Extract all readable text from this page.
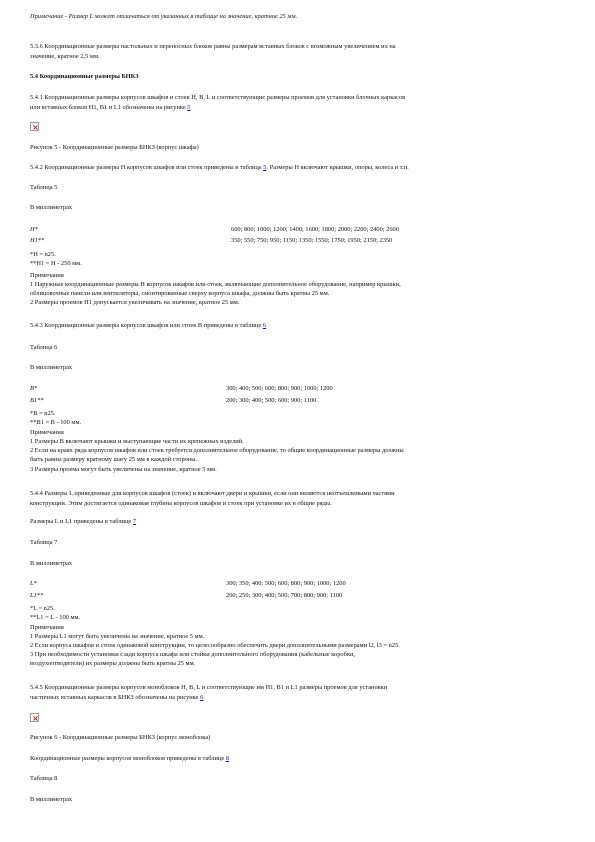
Примечание - Размер L может отличаться от указанных в таблице на значение, кратное 25 мм.
5.3.6 Координационные размеры настольных и переносных блоков равны размерам вставных блоков с возможным увеличением их на
значение, кратное 2,5 мм.
5.4 Координационные размеры БНКЗ
5.4.1 Координационные размеры корпусов шкафов и стоек H, B, L и соответствующие размеры проемов для установки блочных каркасов
или вставных блоков H1, B1 и L1 обозначены на рисунке 5
Рисунок 5 - Координационные размеры БНКЗ (корпус шкафа)
5.4.2 Координационные размеры H корпусов шкафов или стоек приведены в таблице 5. Размеры H включают крышки, опоры, колеса и т.п.
Таблица 5
В миллиметрах
H*	600; 800; 1000; 1200; 1400; 1600; 1800; 2000; 2200; 2400; 2600
H1**	350; 550; 750; 950; 1150; 1350; 1550; 1750; 1950; 2150; 2350
*H = n25.
**H1 = H - 250 мм.
Примечания
1 Наружные координационные размеры H корпусов шкафов или стоек, включающие дополнительное оборудование, например крышки,
облицовочные панели или вентиляторы, смонтированные сверху корпуса шкафа, должны быть кратны 25 мм.
2 Размеры проемов H1 допускается увеличивать на значение, кратное 25 мм.
5.4.3 Координационные размеры корпусов шкафов или стоек B приведены в таблице 6
Таблица 6
В миллиметрах
B*	300; 400; 500; 600; 800; 900; 1000; 1200
B1**	200; 300; 400; 500; 600; 900; 1100
*B = n25.
**B1 = B - 100 мм.
Примечания
1 Размеры B включают крышки и выступающие части их крепежных изделий.
2 Если на краях ряда корпусов шкафов или стоек требуется дополнительное оборудование, то общие координационные размеры должны
быть равны размеру кратному шагу 25 мм в каждой стороны.
3 Размеры проема могут быть увеличены на значение, кратное 5 мм.
5.4.4 Размеры L приведенные для корпусов шкафов (стоек) и включают двери и крышки, если они являются неотъемлемыми частями
конструкции. Этим достигается одинаковая глубина корпусов шкафов и стоек при установке их в общие ряды.
Размеры L и L1 приведены в таблице 7
Таблица 7
В миллиметрах
L*	300; 350; 400; 500; 600; 800; 900; 1000; 1200
L1**	200; 250; 300; 400; 500; 700; 800; 900; 1100
*L = n25.
**L1 = L - 100 мм.
Примечания
1 Размеры L1 могут быть увеличены на значение, кратное 5 мм.
2 Если корпуса шкафов и стоек одинаковой конструкции, то целесообразно обеспечить двери дополнительными размерами l2, l3 = n25.
3 При необходимости установки сзади корпуса шкафа или стойки дополнительного оборудования (кабельные коробки,
воздухоотводители) их размеры должны быть кратны 25 мм.
5.4.5 Координационные размеры корпусов моноблоков H, B, L и соответствующие им H1, B1 и L1 размеры проемов для установки
частичных вставных каркасов в БНКЗ обозначены на рисунке 6
Рисунок 6 - Координационные размеры БНКЗ (корпус моноблока)
Координационные размеры корпусов моноблоков приведены в таблице 8
Таблица 8
В миллиметрах
